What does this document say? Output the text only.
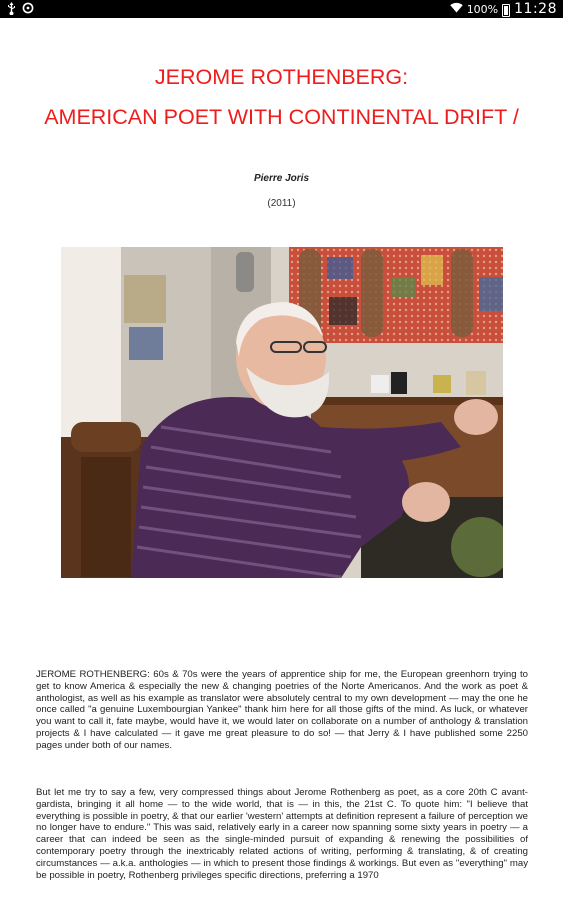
100% 11:28
JEROME ROTHENBERG:
AMERICAN POET WITH CONTINENTAL DRIFT /
Pierre Joris
(2011)

JEROME ROTHENBERG: 60s & 70s were the years of apprentice ship for me, the European greenhorn trying to get to know America & especially the new & changing poetries of the Norte Americanos. And the work as poet & anthologist, as well as his example as translator were absolutely central to my own development — may the one he once called "a genuine Luxembourgian Yankee" thank him here for all those gifts of the mind. As luck, or whatever you want to call it, fate maybe, would have it, we would later on collaborate on a number of anthology & translation projects & I have calculated — it gave me great pleasure to do so! — that Jerry & I have published some 2250 pages under both of our names.

But let me try to say a few, very compressed things about Jerome Rothenberg as poet, as a core 20th C avant-gardista, bringing it all home — to the wide world, that is — in this, the 21st C. To quote him: "I believe that everything is possible in poetry, & that our earlier 'western' attempts at definition represent a failure of perception we no longer have to endure." This was said, relatively early in a career now spanning some sixty years in poetry — a career that can indeed be seen as the single-minded pursuit of expanding & renewing the possibilities of contemporary poetry through the inextricably related actions of writing, performing & translating, & of creating circumstances — a.k.a. anthologies — in which to present those findings & workings. But even as "everything" may be possible in poetry, Rothenberg privileges specific directions, preferring a 1970
